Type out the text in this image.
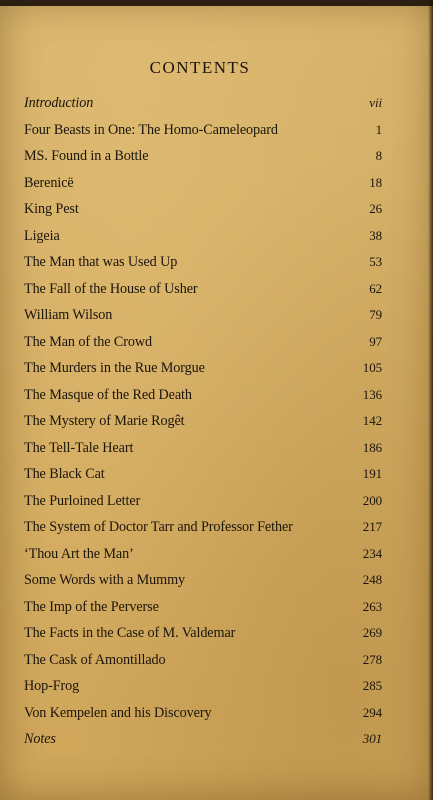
CONTENTS
Introduction	vii
Four Beasts in One: The Homo-Cameleopard	1
MS. Found in a Bottle	8
Berenicë	18
King Pest	26
Ligeia	38
The Man that was Used Up	53
The Fall of the House of Usher	62
William Wilson	79
The Man of the Crowd	97
The Murders in the Rue Morgue	105
The Masque of the Red Death	136
The Mystery of Marie Rogêt	142
The Tell-Tale Heart	186
The Black Cat	191
The Purloined Letter	200
The System of Doctor Tarr and Professor Fether	217
‘Thou Art the Man’	234
Some Words with a Mummy	248
The Imp of the Perverse	263
The Facts in the Case of M. Valdemar	269
The Cask of Amontillado	278
Hop-Frog	285
Von Kempelen and his Discovery	294
Notes	301
